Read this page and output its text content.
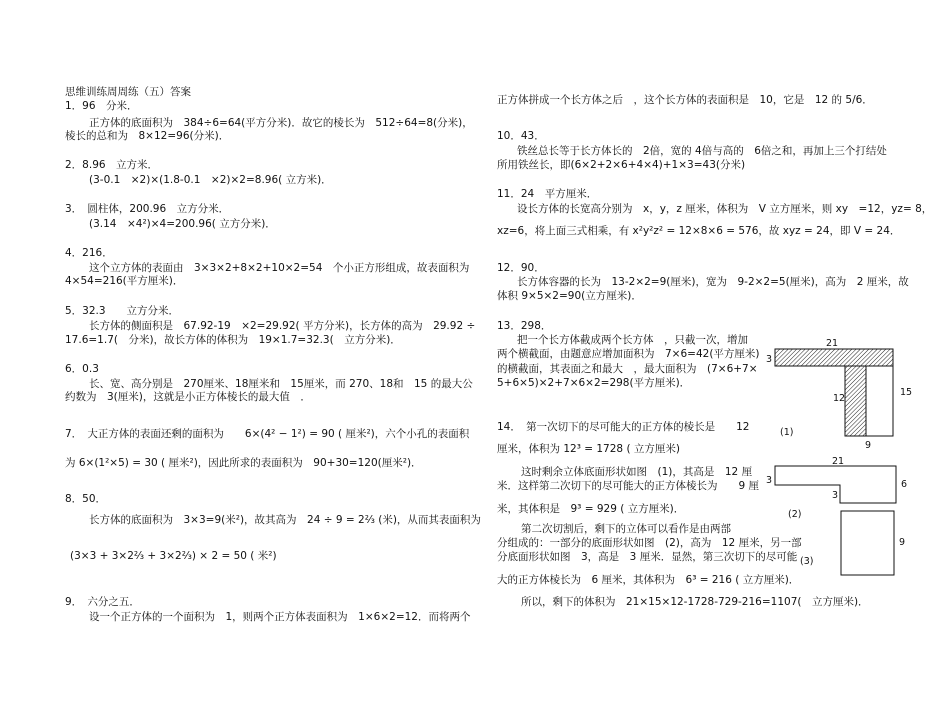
思维训练周周练（五）答案
1．96　分米．
正方体的底面积为　384÷6=64(平方分米)．故它的棱长为　512÷64=8(分米)，
棱长的总和为　8×12=96(分米)．
2．8.96　立方米．
(3-0.1　×2)×(1.8-0.1　×2)×2=8.96( 立方米)．
3．　圆柱体，200.96　立方分米．
(3.14　×4²)×4=200.96( 立方分米)．
4．216．
这个立方体的表面由　3×3×2+8×2+10×2=54　个小正方形组成，故表面积为
4×54=216(平方厘米)．
5．32.3　　立方分米．
长方体的侧面积是　67.92-19　×2=29.92( 平方分米)，长方体的高为　29.92 ÷
17.6=1.7(　分米)，故长方体的体积为　19×1.7=32.3(　立方分米)．
6．0.3
长、宽、高分别是　270厘米、18厘米和　15厘米，而 270、18和　15 的最大公
约数为　3(厘米)，这就是小正方体棱长的最大值　．
7．　大正方体的表面还剩的面积为　　6×(4² − 1²) = 90 ( 厘米²)，六个小孔的表面积
为 6×(1²×5) = 30 ( 厘米²)，因此所求的表面积为　90+30=120(厘米²)．
8．50．
长方体的底面积为　3×3=9(米²)，故其高为　24 ÷ 9 = 2⅔ (米)，从而其表面积为
(3×3 + 3×2⅔ + 3×2⅔) × 2 = 50 ( 米²)
9．　六分之五．
设一个正方体的一个面积为　1，则两个正方体表面积为　1×6×2=12．而将两个
正方体拼成一个长方体之后　，这个长方体的表面积是　10，它是　12 的 5/6．
10．43．
铁丝总长等于长方体长的　2倍，宽的 4倍与高的　6倍之和，再加上三个打结处
所用铁丝长，即(6×2+2×6+4×4)+1×3=43(分米)
11．24　平方厘米．
设长方体的长宽高分别为　x，y，z 厘米，体积为　V 立方厘米，则 xy　=12，yz= 8，
xz=6，将上面三式相乘，有 x²y²z² = 12×8×6 = 576，故 xyz = 24，即 V = 24．
12．90．
长方体容器的长为　13-2×2=9(厘米)，宽为　9-2×2=5(厘米)，高为　2 厘米，故
体积 9×5×2=90(立方厘米)．
13．298．
把一个长方体截成两个长方体　，只截一次，增加
两个横截面，由题意应增加面积为　7×6=42(平方厘米)
的横截面，其表面之和最大　，最大面积为　(7×6+7×
5+6×5)×2+7×6×2=298(平方厘米)．
14．　第一次切下的尽可能大的正方体的棱长是　　12
厘米，体积为 12³ = 1728 ( 立方厘米)
这时剩余立体底面形状如图　(1)，其高是　12 厘
米．这样第二次切下的尽可能大的正方体棱长为　　9 厘
米，其体积是　9³ = 929 ( 立方厘米)．
第二次切割后，剩下的立体可以看作是由两部
分组成的：一部分的底面形状如图　(2)，高为　12 厘米，另一部
分底面形状如图　3，高是　3 厘米．显然，第三次切下的尽可能
大的正方体棱长为　6 厘米，其体积为　6³ = 216 ( 立方厘米)．
所以，剩下的体积为　21×15×12-1728-729-216=1107(　立方厘米)．
21
3
15
12
9
(1)
21
3	6
3
(2)
9
(3)
